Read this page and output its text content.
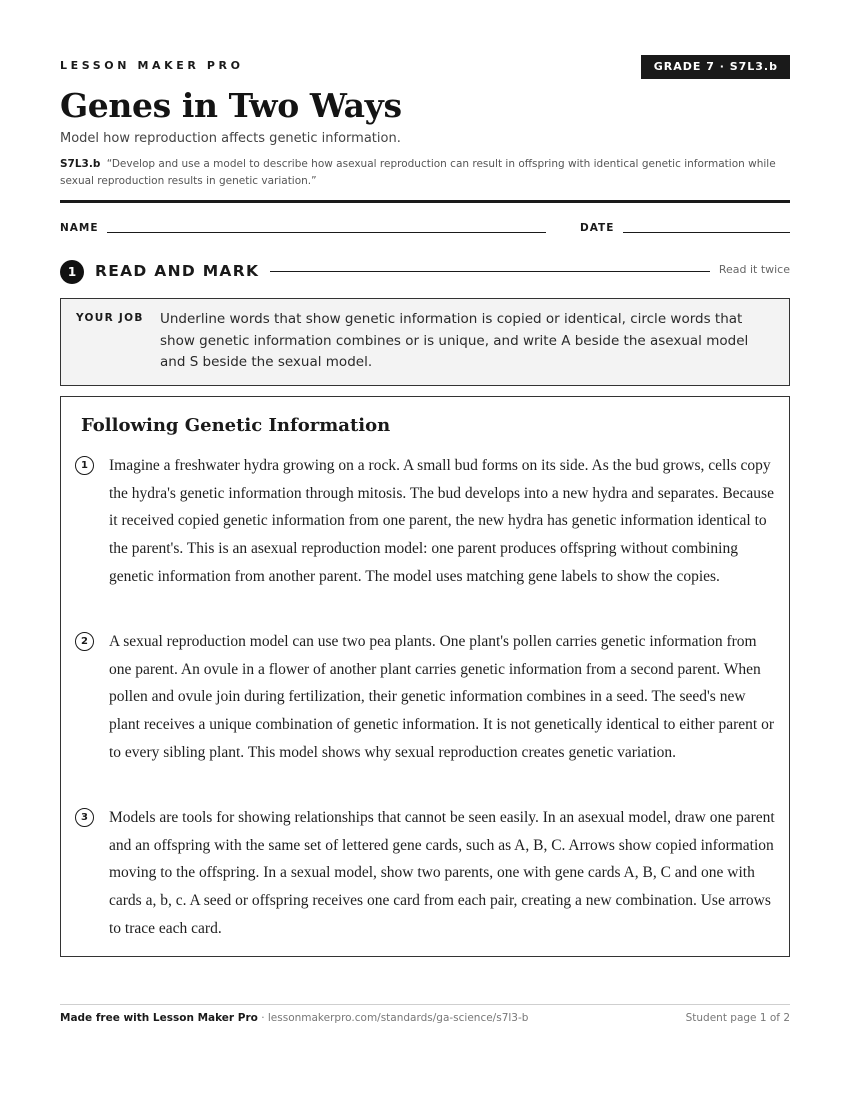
LESSON MAKER PRO	GRADE 7 · S7L3.b
Genes in Two Ways
Model how reproduction affects genetic information.
S7L3.b “Develop and use a model to describe how asexual reproduction can result in offspring with identical genetic information while sexual reproduction results in genetic variation.”
NAME	DATE
1	READ AND MARK	Read it twice
YOUR JOB Underline words that show genetic information is copied or identical, circle words that show genetic information combines or is unique, and write A beside the asexual model and S beside the sexual model.
Following Genetic Information
1	Imagine a freshwater hydra growing on a rock. A small bud forms on its side. As the bud grows, cells copy the hydra's genetic information through mitosis. The bud develops into a new hydra and separates. Because it received copied genetic information from one parent, the new hydra has genetic information identical to the parent's. This is an asexual reproduction model: one parent produces offspring without combining genetic information from another parent. The model uses matching gene labels to show the copies.
2	A sexual reproduction model can use two pea plants. One plant's pollen carries genetic information from one parent. An ovule in a flower of another plant carries genetic information from a second parent. When pollen and ovule join during fertilization, their genetic information combines in a seed. The seed's new plant receives a unique combination of genetic information. It is not genetically identical to either parent or to every sibling plant. This model shows why sexual reproduction creates genetic variation.
3	Models are tools for showing relationships that cannot be seen easily. In an asexual model, draw one parent and an offspring with the same set of lettered gene cards, such as A, B, C. Arrows show copied information moving to the offspring. In a sexual model, show two parents, one with gene cards A, B, C and one with cards a, b, c. A seed or offspring receives one card from each pair, creating a new combination. Use arrows to trace each card.
Made free with Lesson Maker Pro · lessonmakerpro.com/standards/ga-science/s7l3-b	Student page 1 of 2
